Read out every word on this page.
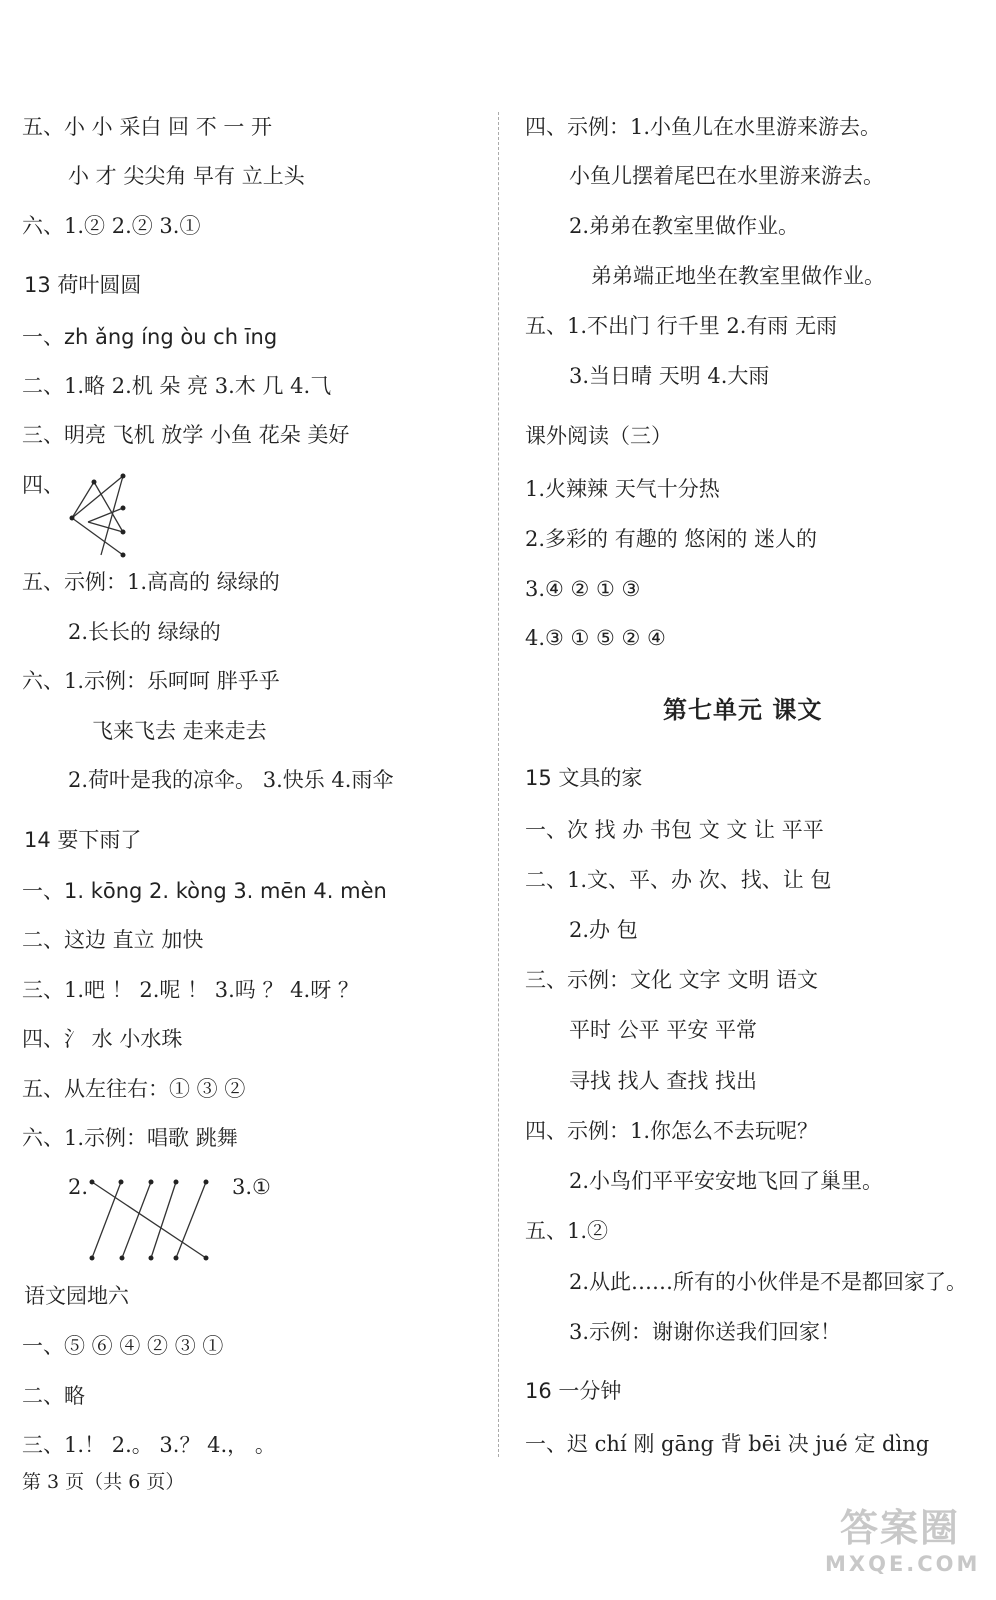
五、小 小 采白 回 不 一 开
小 才 尖尖角 早有 立上头
六、1.② 2.② 3.①
13 荷叶圆圆
一、zh ǎng íng òu ch īng
二、1.略 2.机 朵 亮 3.木 几 4.⺄
三、明亮 飞机 放学 小鱼 花朵 美好
四、
五、示例：1.高高的 绿绿的
2.长长的 绿绿的
六、1.示例：乐呵呵 胖乎乎
飞来飞去 走来走去
2.荷叶是我的凉伞。 3.快乐 4.雨伞
14 要下雨了
一、1. kōng 2. kòng 3. mēn 4. mèn
二、这边 直立 加快
三、1.吧 ！ 2.呢 ！ 3.吗 ？ 4.呀 ？
四、氵 水 小水珠
五、从左往右：① ③ ②
六、1.示例：唱歌 跳舞
2.	3.①
语文园地六
一、⑤ ⑥ ④ ② ③ ①
二、略
三、1.！ 2.。 3.？ 4.， 。
四、示例：1.小鱼儿在水里游来游去。
小鱼儿摆着尾巴在水里游来游去。
2.弟弟在教室里做作业。
弟弟端正地坐在教室里做作业。
五、1.不出门 行千里 2.有雨 无雨
3.当日晴 天明 4.大雨
课外阅读（三）
1.火辣辣 天气十分热
2.多彩的 有趣的 悠闲的 迷人的
3.④ ② ① ③
4.③ ① ⑤ ② ④
第七单元 课文
15 文具的家
一、次 找 办 书包 文 文 让 平平
二、1.文、平、办 次、找、让 包
2.办 包
三、示例：文化 文字 文明 语文
平时 公平 平安 平常
寻找 找人 查找 找出
四、示例：1.你怎么不去玩呢？
2.小鸟们平平安安地飞回了巢里。
五、1.②
2.从此……所有的小伙伴是不是都回家了。
3.示例：谢谢你送我们回家！
16 一分钟
一、迟 chí 刚 gāng 背 bēi 决 jué 定 dìng
第 3 页（共 6 页）
答案圈
MXQE.COM
